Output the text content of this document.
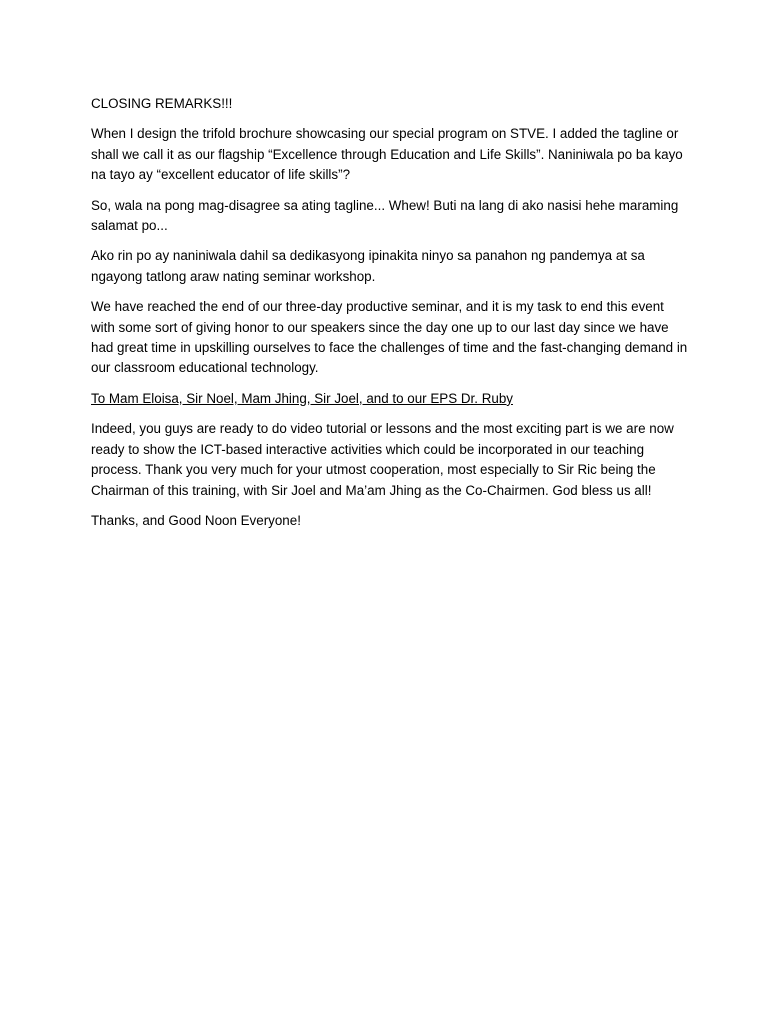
CLOSING REMARKS!!!

When I design the trifold brochure showcasing our special program on STVE. I added the tagline or shall we call it as our flagship “Excellence through Education and Life Skills”. Naniniwala po ba kayo na tayo ay “excellent educator of life skills”?

So, wala na pong mag-disagree sa ating tagline... Whew! Buti na lang di ako nasisi hehe maraming salamat po...

Ako rin po ay naniniwala dahil sa dedikasyong ipinakita ninyo sa panahon ng pandemya at sa ngayong tatlong araw nating seminar workshop.

We have reached the end of our three-day productive seminar, and it is my task to end this event with some sort of giving honor to our speakers since the day one up to our last day since we have had great time in upskilling ourselves to face the challenges of time and the fast-changing demand in our classroom educational technology.

To Mam Eloisa, Sir Noel, Mam Jhing, Sir Joel, and to our EPS Dr. Ruby

Indeed, you guys are ready to do video tutorial or lessons and the most exciting part is we are now ready to show the ICT-based interactive activities which could be incorporated in our teaching process. Thank you very much for your utmost cooperation, most especially to Sir Ric being the Chairman of this training, with Sir Joel and Ma’am Jhing as the Co-Chairmen. God bless us all!

Thanks, and Good Noon Everyone!
